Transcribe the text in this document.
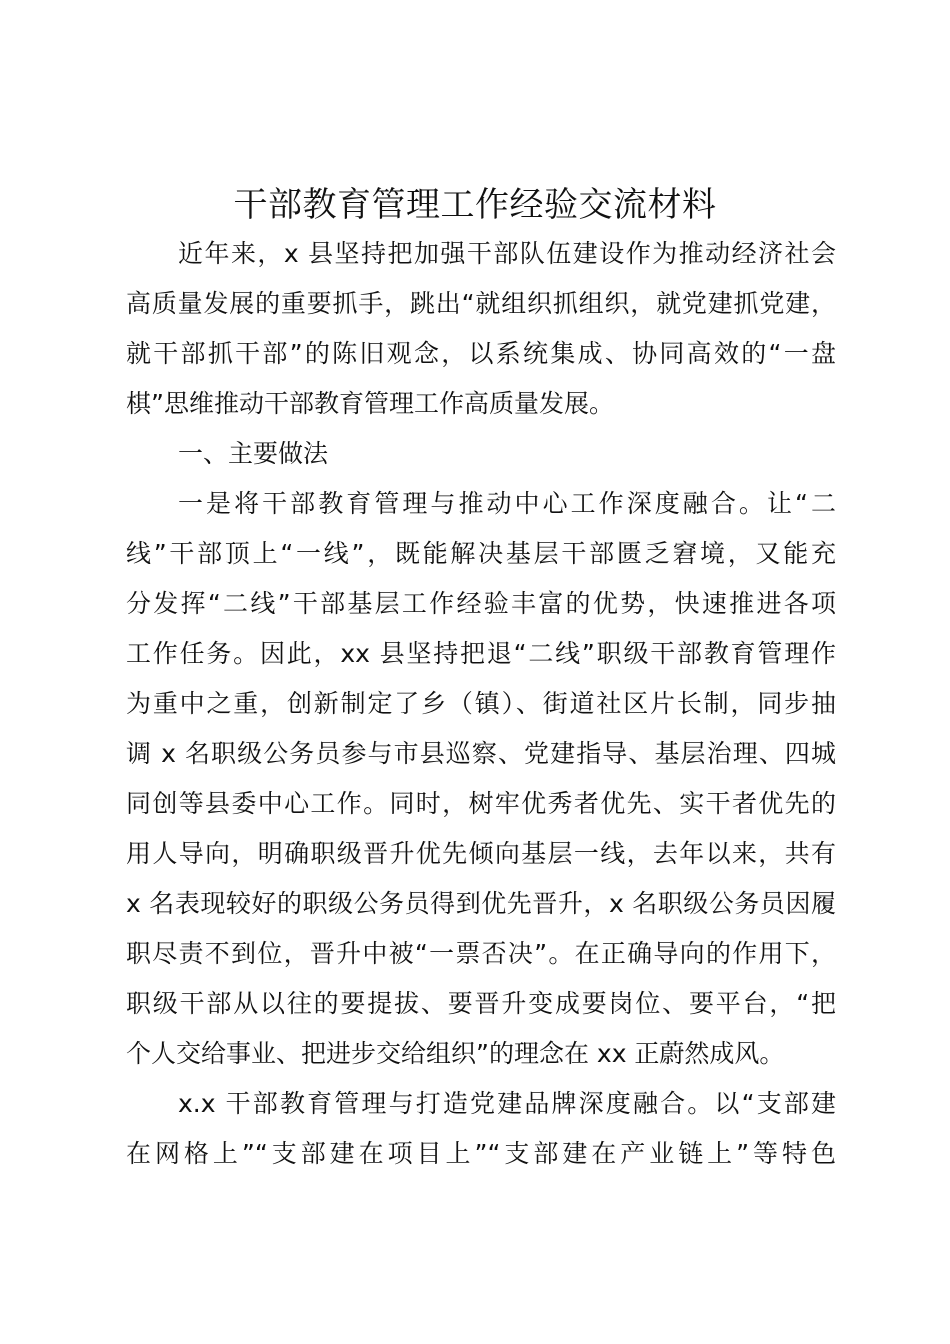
干部教育管理工作经验交流材料
近年来，x 县坚持把加强干部队伍建设作为推动经济社会
高质量发展的重要抓手，跳出“就组织抓组织，就党建抓党建，
就干部抓干部”的陈旧观念，以系统集成、协同高效的“一盘
棋”思维推动干部教育管理工作高质量发展。
一、主要做法
一是将干部教育管理与推动中心工作深度融合。让“二
线”干部顶上“一线”，既能解决基层干部匮乏窘境，又能充
分发挥“二线”干部基层工作经验丰富的优势，快速推进各项
工作任务。因此，xx 县坚持把退“二线”职级干部教育管理作
为重中之重，创新制定了乡（镇）、街道社区片长制，同步抽
调 x 名职级公务员参与市县巡察、党建指导、基层治理、四城
同创等县委中心工作。同时，树牢优秀者优先、实干者优先的
用人导向，明确职级晋升优先倾向基层一线，去年以来，共有
x 名表现较好的职级公务员得到优先晋升，x 名职级公务员因履
职尽责不到位，晋升中被“一票否决”。在正确导向的作用下，
职级干部从以往的要提拔、要晋升变成要岗位、要平台，“把
个人交给事业、把进步交给组织”的理念在 xx 正蔚然成风。
x.x 干部教育管理与打造党建品牌深度融合。以“支部建
在网格上”“支部建在项目上”“支部建在产业链上”等特色
